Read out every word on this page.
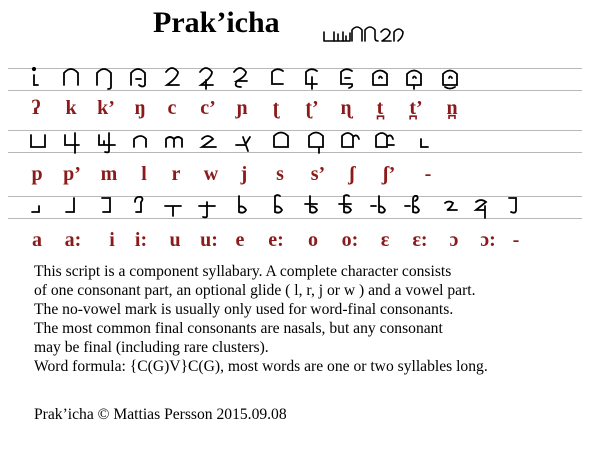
Prak’icha
ʔ k k’ ŋ c c’ ɲ ʈ ʈ’ ɳ t̪ t̪’ n̪
p p’ m l r w j s s’ ʃ ʃ’ -
a a: i i: u u: e e: o o: ɛ ɛ: ɔ ɔ: -
This script is a component syllabary. A complete character consists
of one consonant part, an optional glide ( l, r, j or w ) and a vowel part.
The no-vowel mark is usually only used for word-final consonants.
The most common final consonants are nasals, but any consonant
may be final (including rare clusters).
Word formula: {C(G)V}C(G), most words are one or two syllables long.
Prak’icha © Mattias Persson 2015.09.08
